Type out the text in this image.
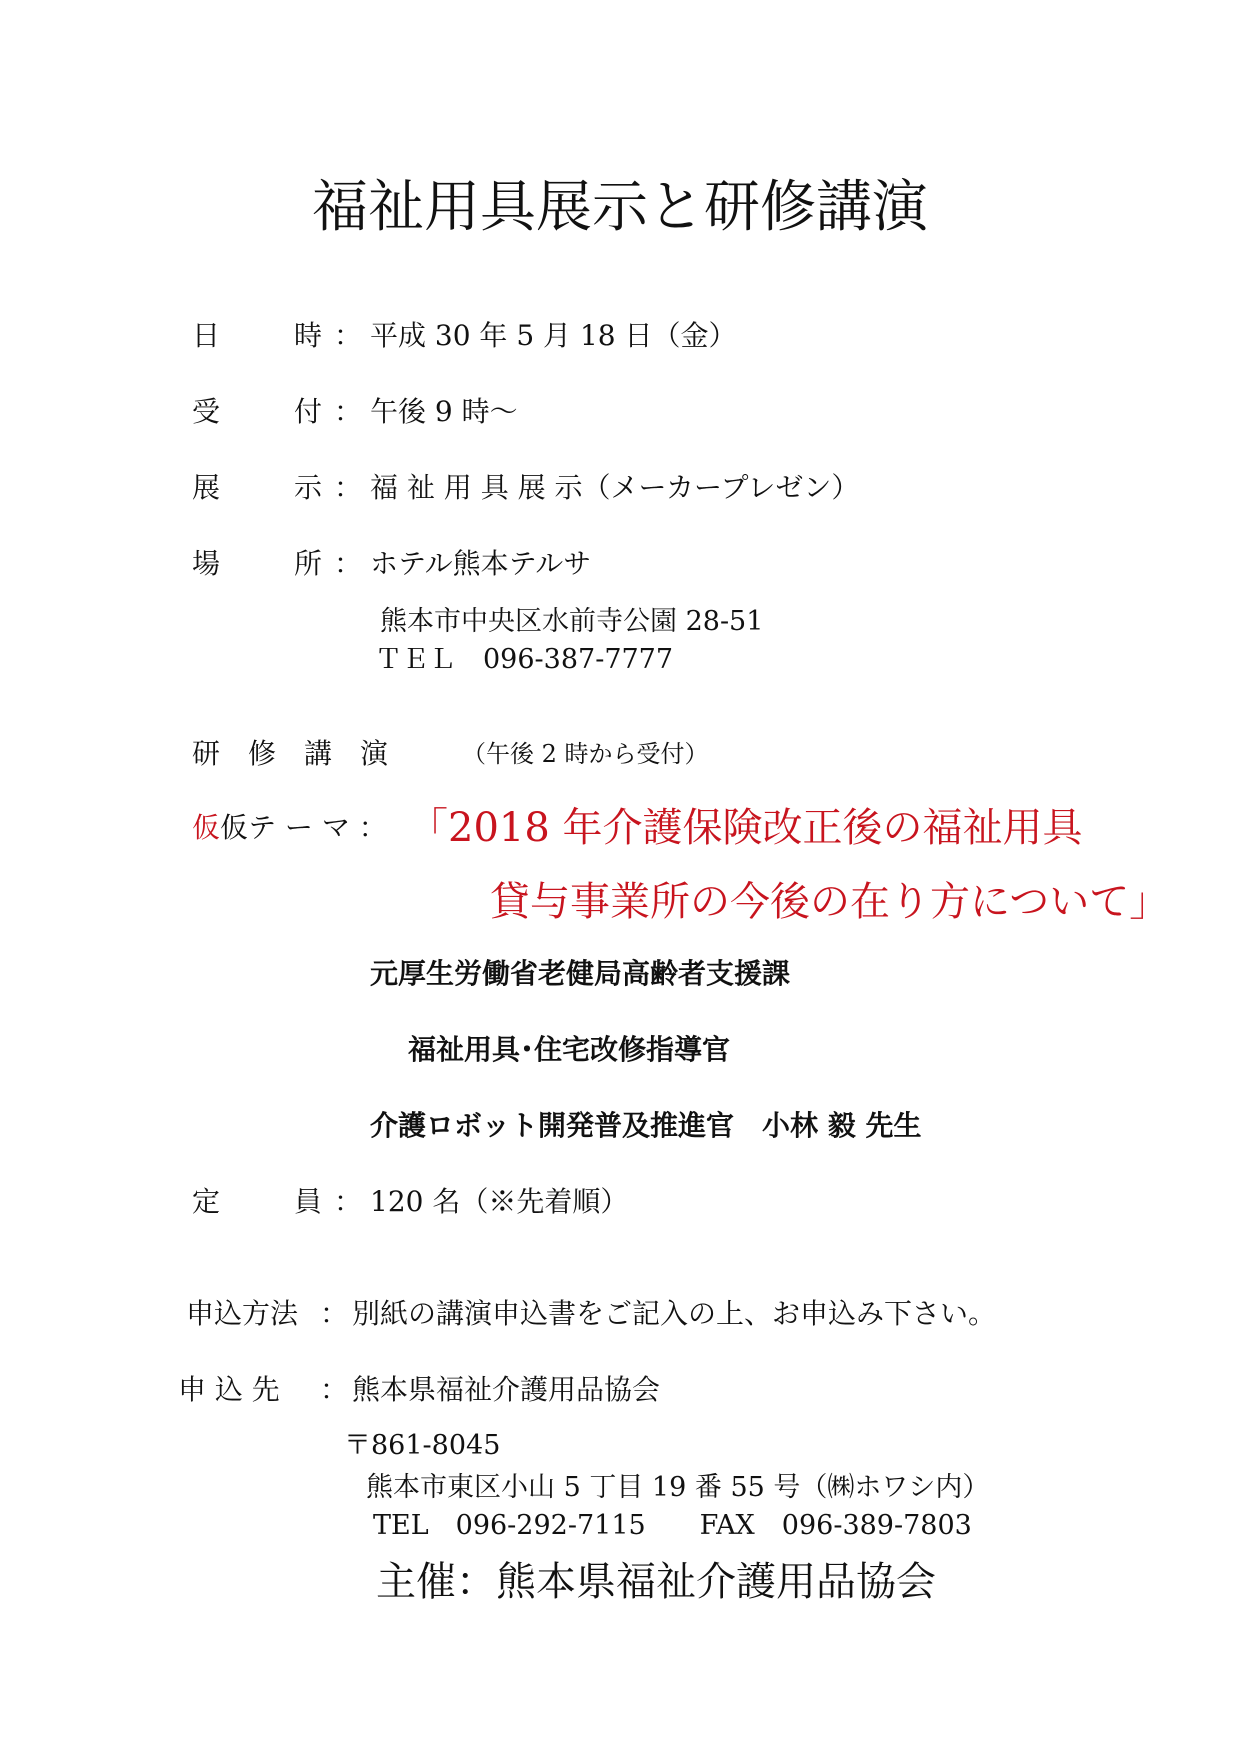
福祉用具展示と研修講演
日　時 ： 平成 30 年 5 月 18 日（金）
受　付 ： 午後 9 時～
展　示 ： 福 祉 用 具 展 示（メーカープレゼン）
場　所 ： ホテル熊本テルサ
熊本市中央区水前寺公園 28-51
ＴＥＬ　096-387-7777
研　修　講　演	（午後 2 時から受付）
仮仮テ ー マ ： 「2018 年介護保険改正後の福祉用具
貸与事業所の今後の在り方について」
元厚生労働省老健局高齢者支援課
福祉用具･住宅改修指導官
介護ロボット開発普及推進官　小林 毅 先生
定　員 ： 120 名（※先着順）
申込方法 ： 別紙の講演申込書をご記入の上、お申込み下さい。
申 込 先 ： 熊本県福祉介護用品協会
〒861-8045
熊本市東区小山 5 丁目 19 番 55 号（㈱ホワシ内）
TEL　096-292-7115　　FAX　096-389-7803
主催：熊本県福祉介護用品協会
